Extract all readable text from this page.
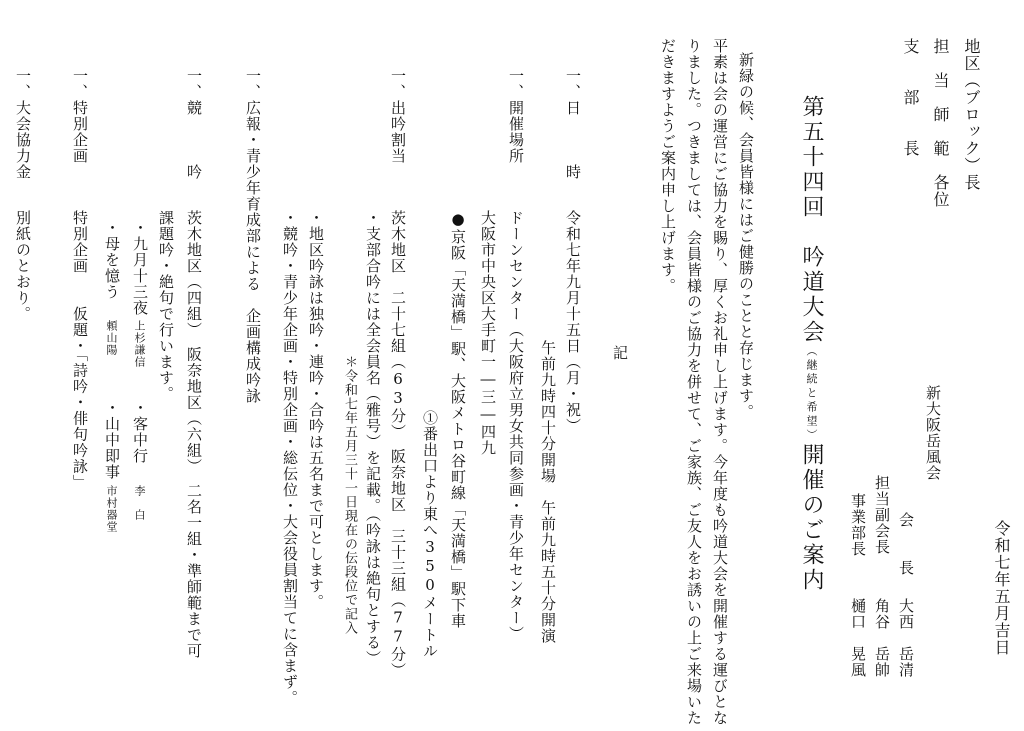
令和七年五月吉日
新大阪岳風会
会　　長
大西　岳清
担当副会長
角谷　岳帥
事業部長
樋口　晃風
地区（ブロック）長
担　当　師　範　各位
支　　部　　長
第五十四回　吟道大会（継続と希望）開催のご案内
新緑の候、会員皆様にはご健勝のことと存じます。
平素は会の運営にご協力を賜り、厚くお礼申し上げます。今年度も吟道大会を開催する運びとな
りました。つきましては、会員皆様のご協力を併せて、ご家族、ご友人をお誘いの上ご来場いた
だきますようご案内申し上げます。
記
一、日　　　時
令和七年九月十五日（月・祝）
午前九時四十分開場　午前九時五十分開演
一、開催場所
ドーンセンター（大阪府立男女共同参画・青少年センター）
大阪市中央区大手町一―三―四九
●京阪「天満橋」駅、大阪メトロ谷町線「天満橋」駅下車
①番出口より東へ350メートル
一、出吟割当
茨木地区　二十七組（63分）　阪奈地区　三十三組（77分）
＊令和七年五月三十一日現在の伝段位で記入 ・支部合吟には全会員名（雅号）を記載。（吟詠は絶句とする）
・地区吟詠は独吟・連吟・合吟は五名まで可とします。
・競吟・青少年企画・特別企画・総伝位・大会役員割当てに含まず。
一、広報・青少年育成部による　企画構成吟詠
一、競　　　吟
茨木地区（四組）　阪奈地区（六組）　二名一組・準師範まで可
課題吟・絶句で行います。
・九月十三夜
上杉謙信
・客中行
李　白
・母を憶う
頼山陽
・山中即事
市村器堂
一、特別企画
特別企画　　仮題・「詩吟・俳句吟詠」
一、大会協力金
別紙のとおり。
